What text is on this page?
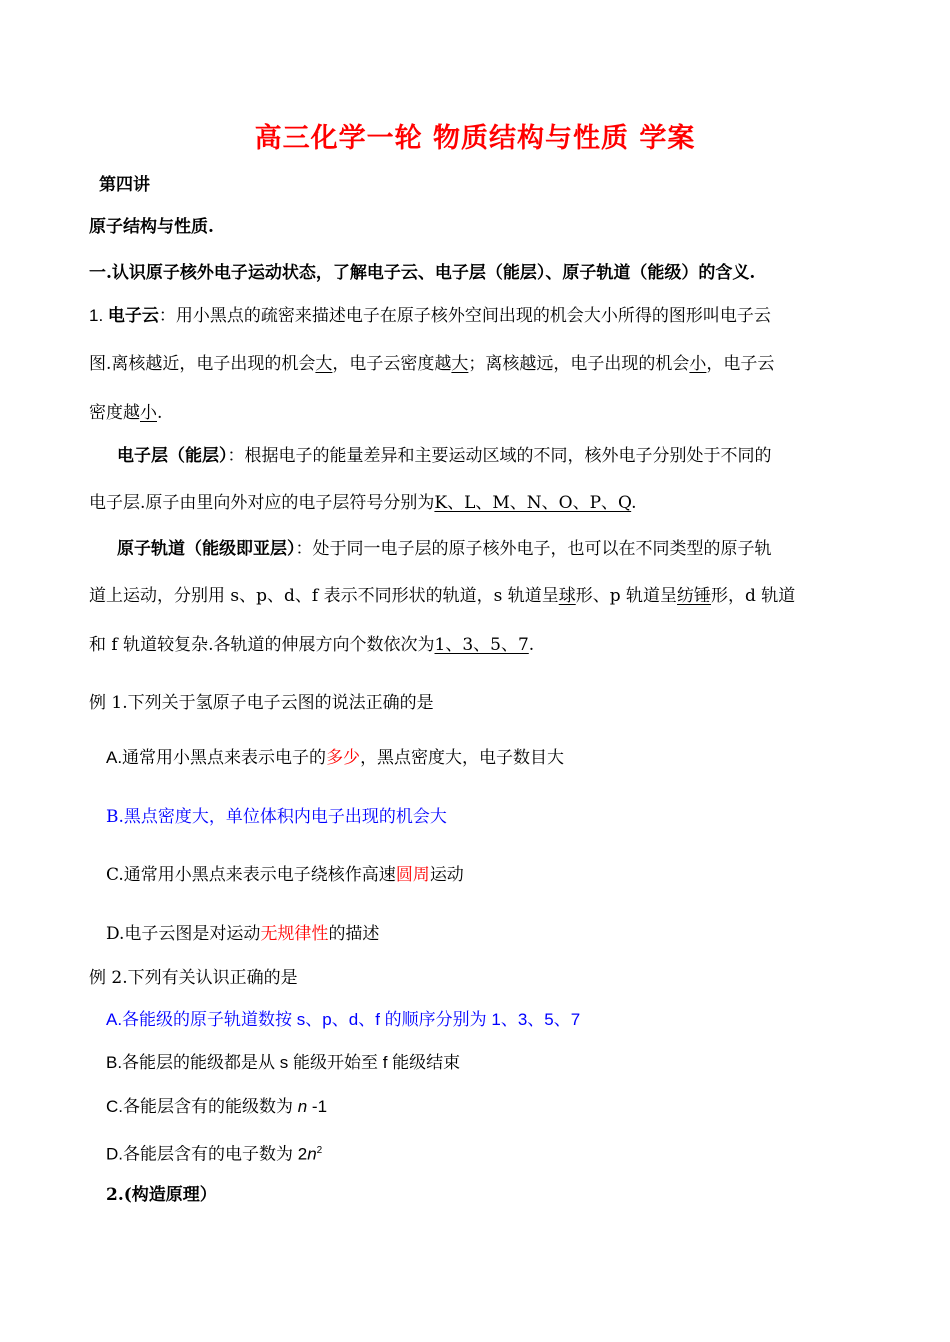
高三化学一轮 物质结构与性质 学案
第四讲
原子结构与性质.
一.认识原子核外电子运动状态，了解电子云、电子层（能层）、原子轨道（能级）的含义.
1. 电子云：用小黑点的疏密来描述电子在原子核外空间出现的机会大小所得的图形叫电子云
图.离核越近，电子出现的机会大，电子云密度越大；离核越远，电子出现的机会小，电子云
密度越小.
电子层（能层）：根据电子的能量差异和主要运动区域的不同，核外电子分别处于不同的
电子层.原子由里向外对应的电子层符号分别为K、L、M、N、O、P、Q.
原子轨道（能级即亚层）：处于同一电子层的原子核外电子，也可以在不同类型的原子轨
道上运动，分别用 s、p、d、f 表示不同形状的轨道，s 轨道呈球形、p 轨道呈纺锤形，d 轨道
和 f 轨道较复杂.各轨道的伸展方向个数依次为1、3、5、7.
例 1.下列关于氢原子电子云图的说法正确的是
A.通常用小黑点来表示电子的多少，黑点密度大，电子数目大
B.黑点密度大，单位体积内电子出现的机会大
C.通常用小黑点来表示电子绕核作高速圆周运动
D.电子云图是对运动无规律性的描述
例 2.下列有关认识正确的是
A.各能级的原子轨道数按 s、p、d、f 的顺序分别为 1、3、5、7
B.各能层的能级都是从 s 能级开始至 f 能级结束
C.各能层含有的能级数为 n -1
D.各能层含有的电子数为 $2n^2$
2.(构造原理）
